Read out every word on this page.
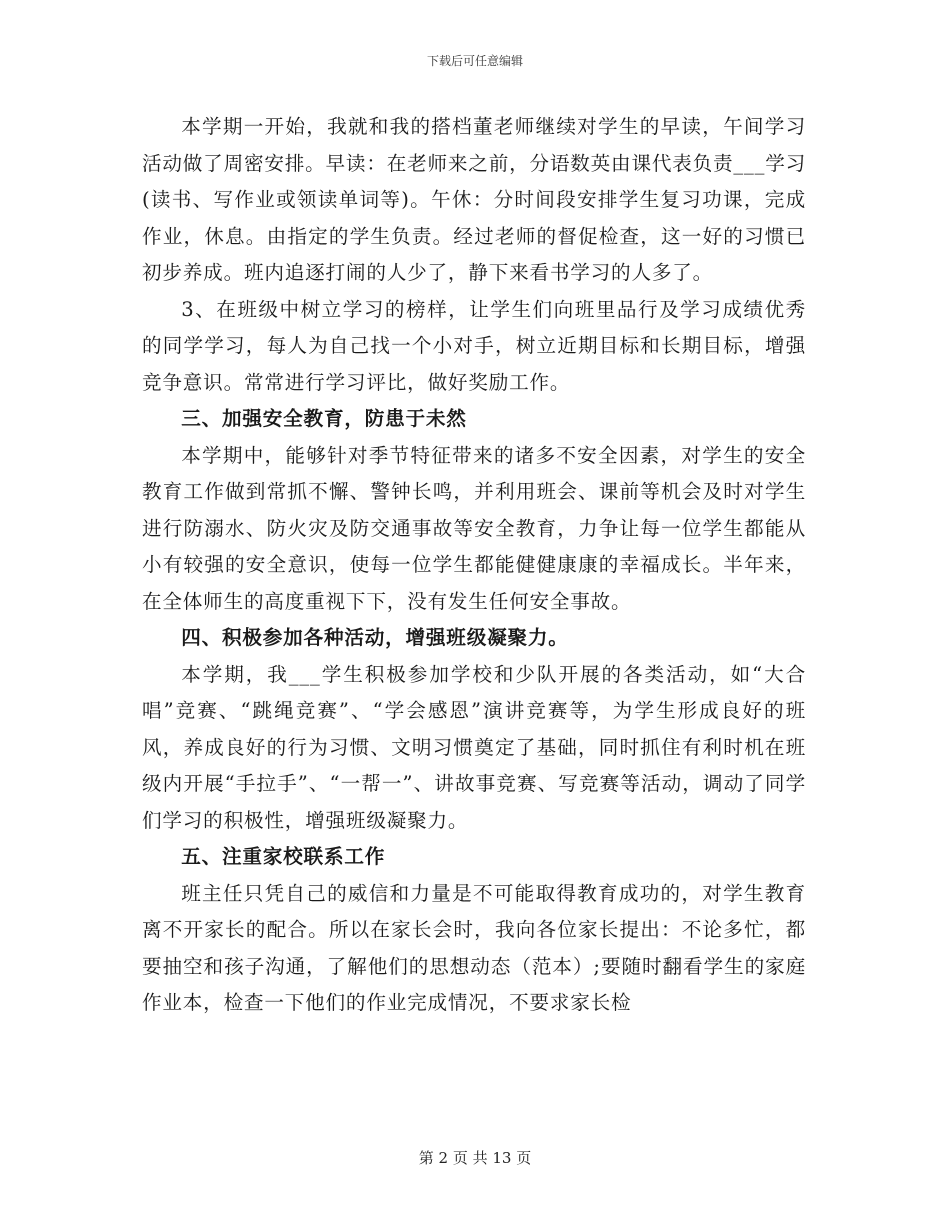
下载后可任意编辑

本学期一开始，我就和我的搭档董老师继续对学生的早读，午间学习活动做了周密安排。早读：在老师来之前，分语数英由课代表负责___学习(读书、写作业或领读单词等)。午休：分时间段安排学生复习功课，完成作业，休息。由指定的学生负责。经过老师的督促检查，这一好的习惯已初步养成。班内追逐打闹的人少了，静下来看书学习的人多了。

3、在班级中树立学习的榜样，让学生们向班里品行及学习成绩优秀的同学学习，每人为自己找一个小对手，树立近期目标和长期目标，增强竞争意识。常常进行学习评比，做好奖励工作。

三、加强安全教育，防患于未然

本学期中，能够针对季节特征带来的诸多不安全因素，对学生的安全教育工作做到常抓不懈、警钟长鸣，并利用班会、课前等机会及时对学生进行防溺水、防火灾及防交通事故等安全教育，力争让每一位学生都能从小有较强的安全意识，使每一位学生都能健健康康的幸福成长。半年来，在全体师生的高度重视下下，没有发生任何安全事故。

四、积极参加各种活动，增强班级凝聚力。

本学期，我___学生积极参加学校和少队开展的各类活动，如“大合唱”竞赛、“跳绳竞赛”、“学会感恩”演讲竞赛等，为学生形成良好的班风，养成良好的行为习惯、文明习惯奠定了基础，同时抓住有利时机在班级内开展“手拉手”、“一帮一”、讲故事竞赛、写竞赛等活动，调动了同学们学习的积极性，增强班级凝聚力。

五、注重家校联系工作

班主任只凭自己的威信和力量是不可能取得教育成功的，对学生教育离不开家长的配合。所以在家长会时，我向各位家长提出：不论多忙，都要抽空和孩子沟通，了解他们的思想动态（范本）;要随时翻看学生的家庭作业本，检查一下他们的作业完成情况，不要求家长检

第 2 页 共 13 页
